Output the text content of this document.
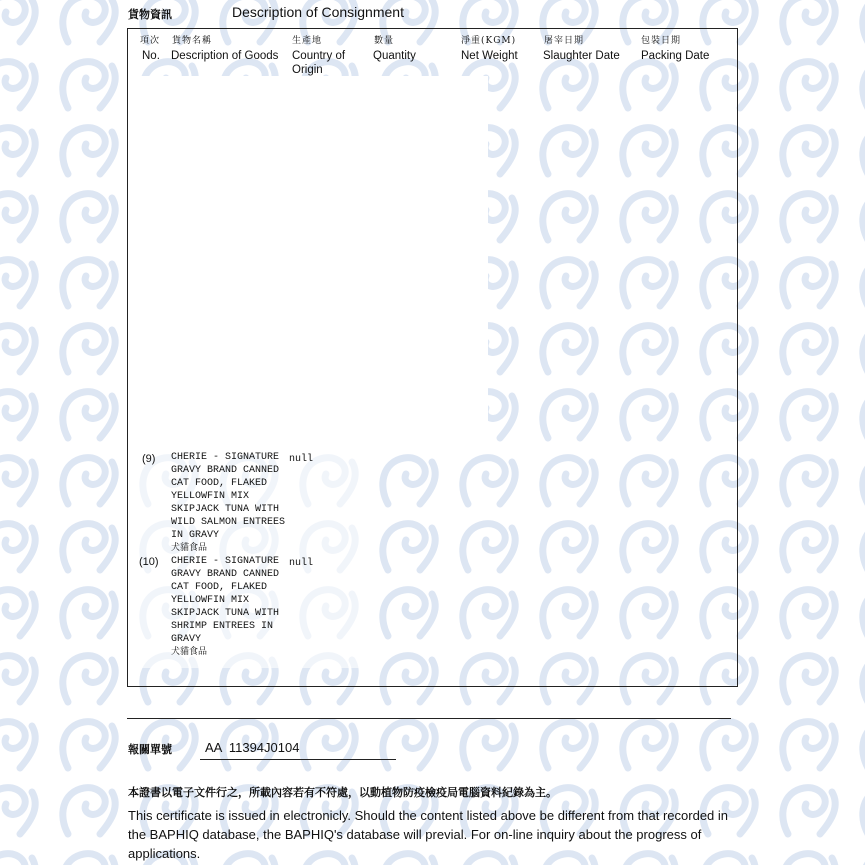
貨物資訊	Description of Consignment
項次
No.
貨物名稱
Description of Goods
生產地
Country of
Origin
數量
Quantity
淨重(KGM)
Net Weight
屠宰日期
Slaughter Date
包裝日期
Packing Date
(9) CHERIE - SIGNATURE
GRAVY BRAND CANNED
CAT FOOD, FLAKED
YELLOWFIN MIX
SKIPJACK TUNA WITH
WILD SALMON ENTREES
IN GRAVY
犬貓食品
null
(10) CHERIE - SIGNATURE
GRAVY BRAND CANNED
CAT FOOD, FLAKED
YELLOWFIN MIX
SKIPJACK TUNA WITH
SHRIMP ENTREES IN
GRAVY
犬貓食品
null
報關單號	AA  11394J0104
本證書以電子文件行之，所載內容若有不符處，以動植物防疫檢疫局電腦資料紀錄為主。
This certificate is issued in electronicly. Should the content listed above be different from that recorded in the BAPHIQ database, the BAPHIQ's database will previal. For on-line inquiry about the progress of applications.
